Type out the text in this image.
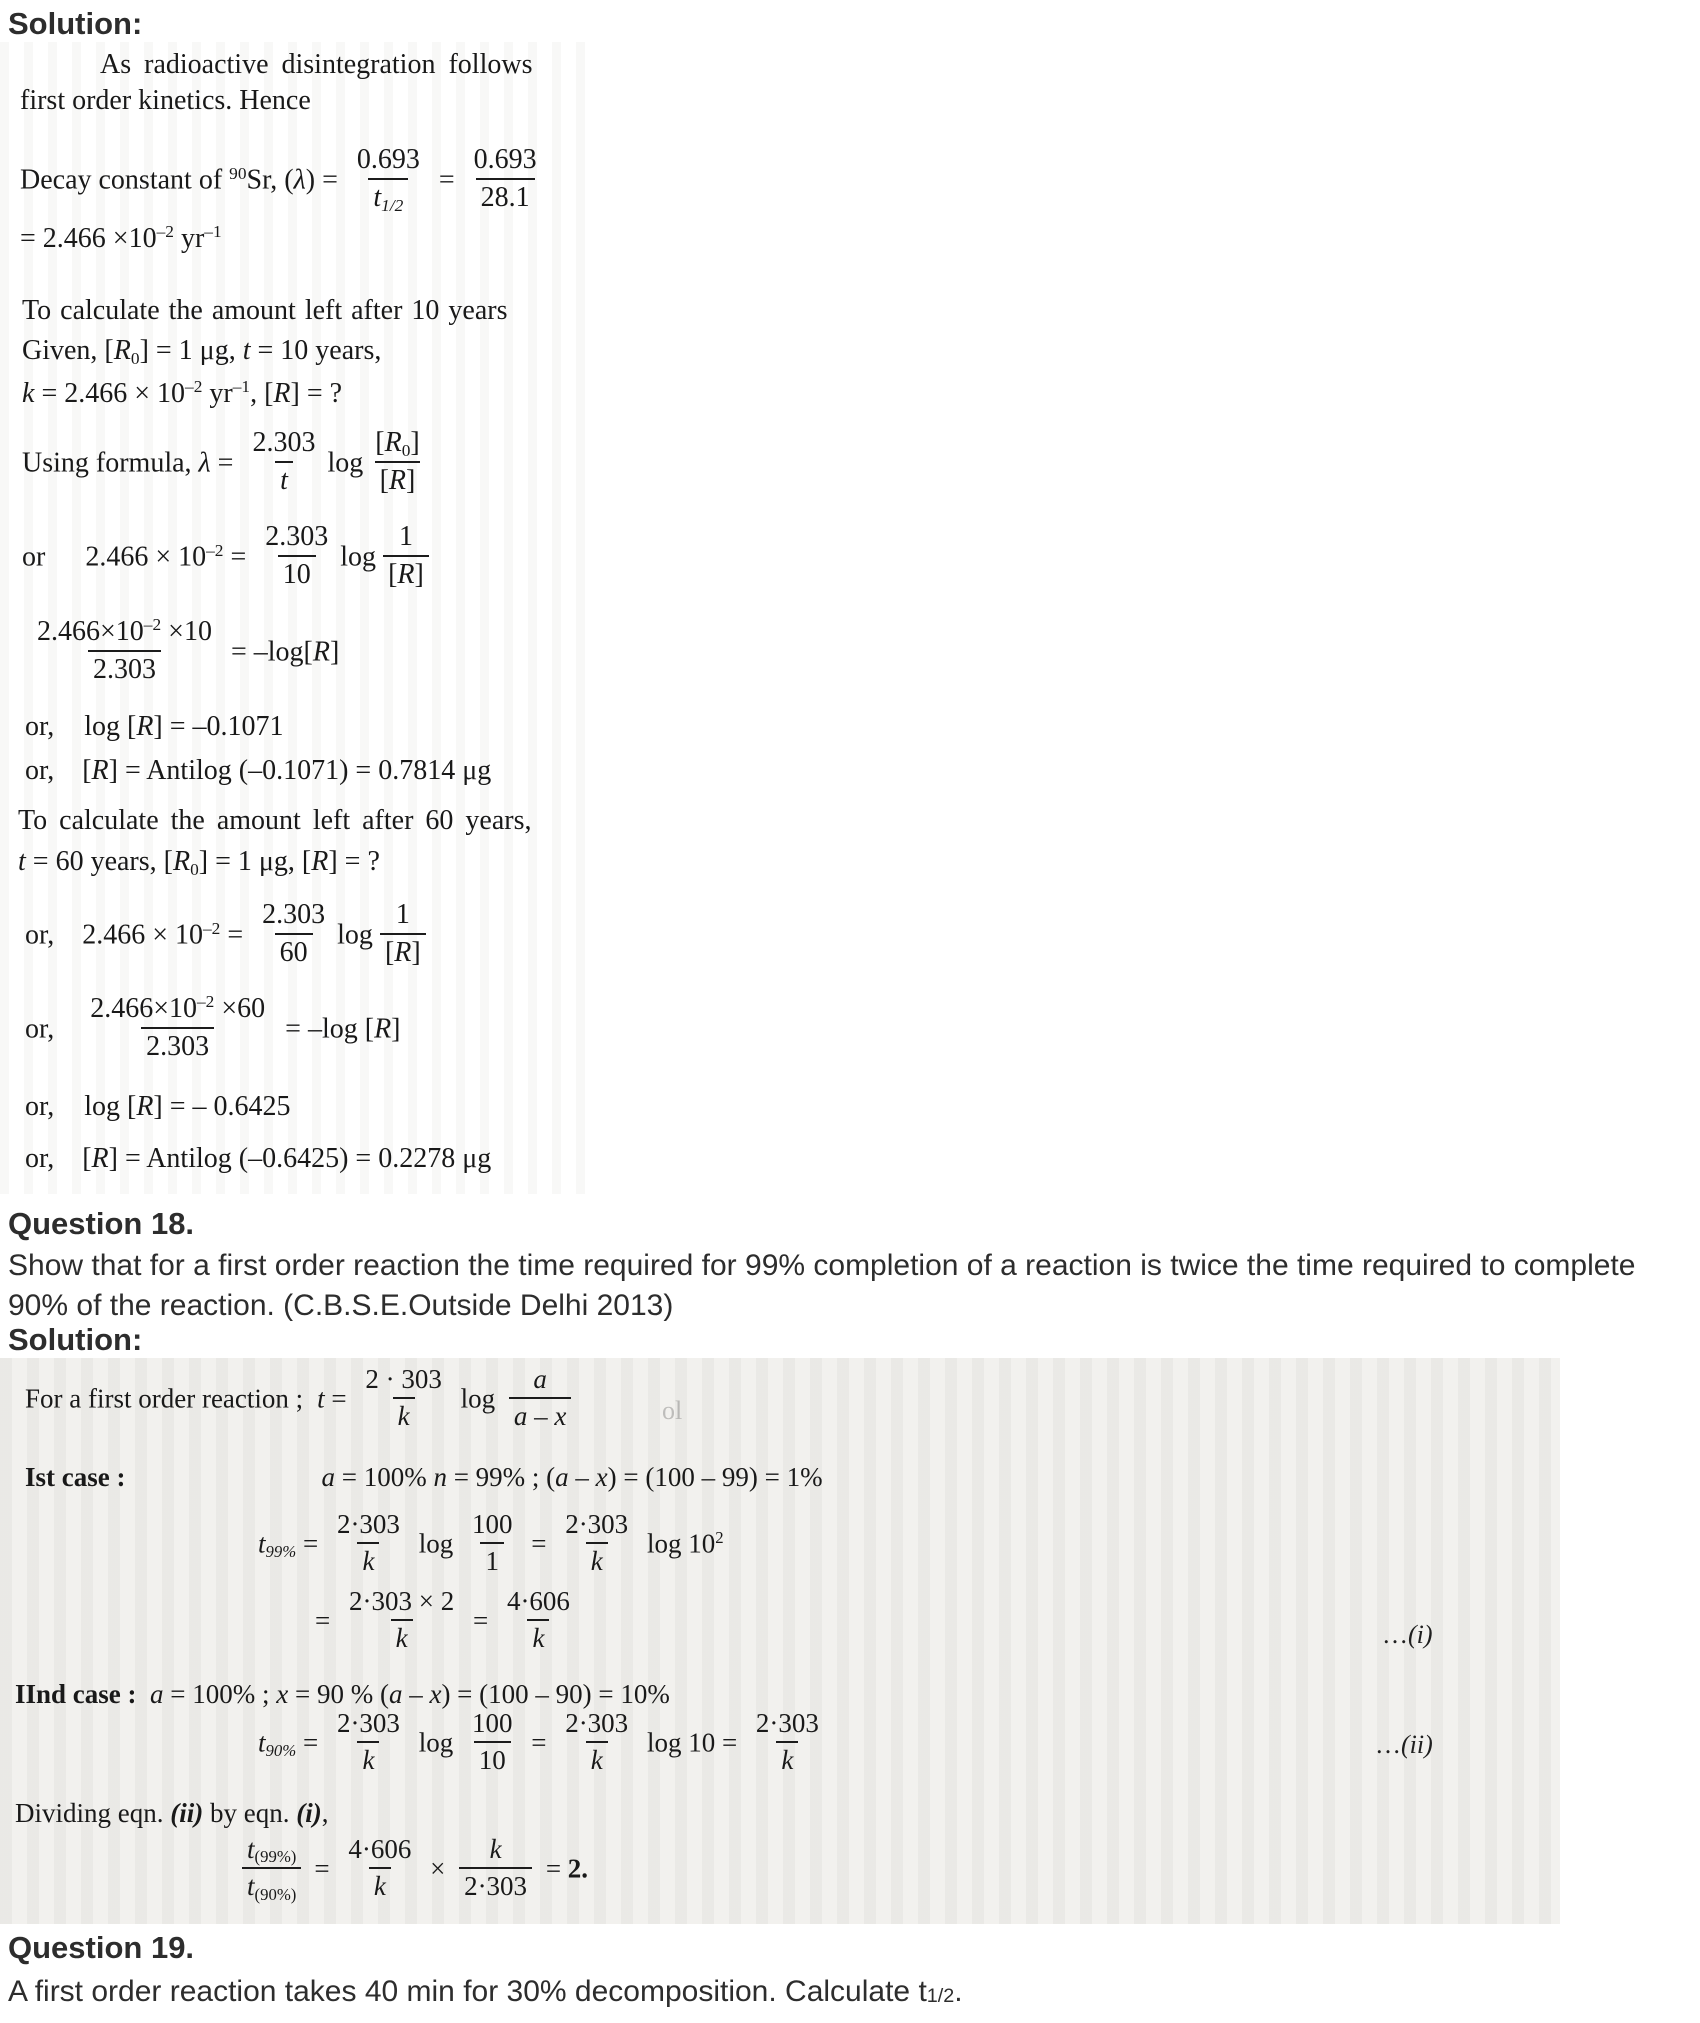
Solution:
As radioactive disintegration follows
first order kinetics. Hence
Decay constant of $^{90}$Sr, $(\lambda) = \frac{0.693}{t1/2} = \frac{0.693}{28.1}$
= $2.466 \times 10^{-2}$ $yr^{-1}$
To calculate the amount left after 10 years
Given, [R0] = 1 μg, t = 10 years,
$k = 2.466 \times 10^{-2}$ $yr^{-1}$, [R] = ?
Using formula, $\lambda = \frac{2.303}{t}$ $\log \frac{[R0]}{[R]}$
or $2.466 \times 10^{-2} = \frac{2.303}{10}$ $\log \frac{1}{[R]}$
$\frac{2.466\times 10^{-2} \times 10}{2.303} = -\log[R]$
or, log [R] = –0.1071
or, [R] = Antilog (–0.1071) = 0.7814 μg
To calculate the amount left after 60 years,
t = 60 years, [R0] = 1 μg, [R] = ?
or, $2.466 \times 10^{-2} = \frac{2.303}{60}$ $\log \frac{1}{[R]}$
or, $\frac{2.466\times 10^{-2} \times 60}{2.303} = -\log$ [R]
or, log [R] = – 0.6425
or, [R] = Antilog (–0.6425) = 0.2278 μg
Question 18.
Show that for a first order reaction the time required for 99% completion of a reaction is twice the time required to complete 90% of the reaction. (C.B.S.E.Outside Delhi 2013)
Solution:
For a first order reaction ; $t = \frac{2 \cdot 303}{k}$ $\log \frac{a}{a - x}$
Ist case :	a = 100% n = 99% ; (a – x) = (100 – 99) = 1%
$t99\% = \frac{2\cdot 303}{k}$ $\log \frac{100}{1} = \frac{2\cdot 303}{k}$ $\log 10^2$
= $\frac{2\cdot 303 \times 2}{k} = \frac{4\cdot 606}{k}$
IInd case : a = 100% ; x = 90 % (a – x) = (100 – 90) = 10%
$t90\% = \frac{2\cdot 303}{k}$ $\log \frac{100}{10} = \frac{2\cdot 303}{k}$ $\log 10 = \frac{2\cdot 303}{k}$
Dividing eqn. (ii) by eqn. (i),
$\frac{t(99\%)}{t(90\%)} = \frac{4\cdot 606}{k} \times \frac{k}{2\cdot 303} = 2$.
…(i)
…(ii)
ol
Question 19.
A first order reaction takes 40 min for 30% decomposition. Calculate t1/2.
